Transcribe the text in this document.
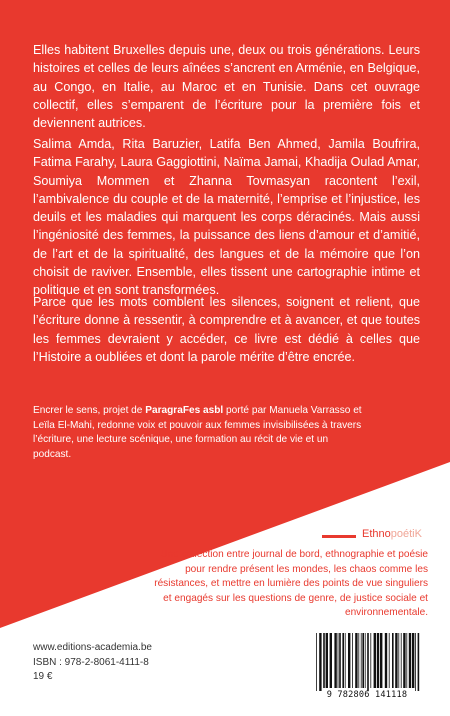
Elles habitent Bruxelles depuis une, deux ou trois générations. Leurs histoires et celles de leurs aînées s’ancrent en Arménie, en Belgique, au Congo, en Italie, au Maroc et en Tunisie. Dans cet ouvrage collectif, elles s’emparent de l’écriture pour la première fois et deviennent autrices.

Salima Amda, Rita Baruzier, Latifa Ben Ahmed, Jamila Boufrira, Fatima Farahy, Laura Gaggiottini, Naïma Jamai, Khadija Oulad Amar, Soumiya Mommen et Zhanna Tovmasyan racontent l’exil, l’ambivalence du couple et de la maternité, l’emprise et l’injustice, les deuils et les maladies qui marquent les corps déracinés. Mais aussi l’ingéniosité des femmes, la puissance des liens d’amour et d’amitié, de l’art et de la spiritualité, des langues et de la mémoire que l’on choisit de raviver. Ensemble, elles tissent une cartographie intime et politique et en sont transformées.

Parce que les mots comblent les silences, soignent et relient, que l’écriture donne à ressentir, à comprendre et à avancer, et que toutes les femmes devraient y accéder, ce livre est dédié à celles que l’Histoire a oubliées et dont la parole mérite d’être encrée.

Encrer le sens, projet de ParagraFes asbl porté par Manuela Varrasso et Leïla El-Mahi, redonne voix et pouvoir aux femmes invisibilisées à travers l’écriture, une lecture scénique, une formation au récit de vie et un podcast.

EthnopoétiK

Une collection entre journal de bord, ethnographie et poésie pour rendre présent les mondes, les chaos comme les résistances, et mettre en lumière des points de vue singuliers et engagés sur les questions de genre, de justice sociale et environnementale.

www.editions-academia.be
ISBN : 978-2-8061-4111-8
19 €
9 782806 141118
